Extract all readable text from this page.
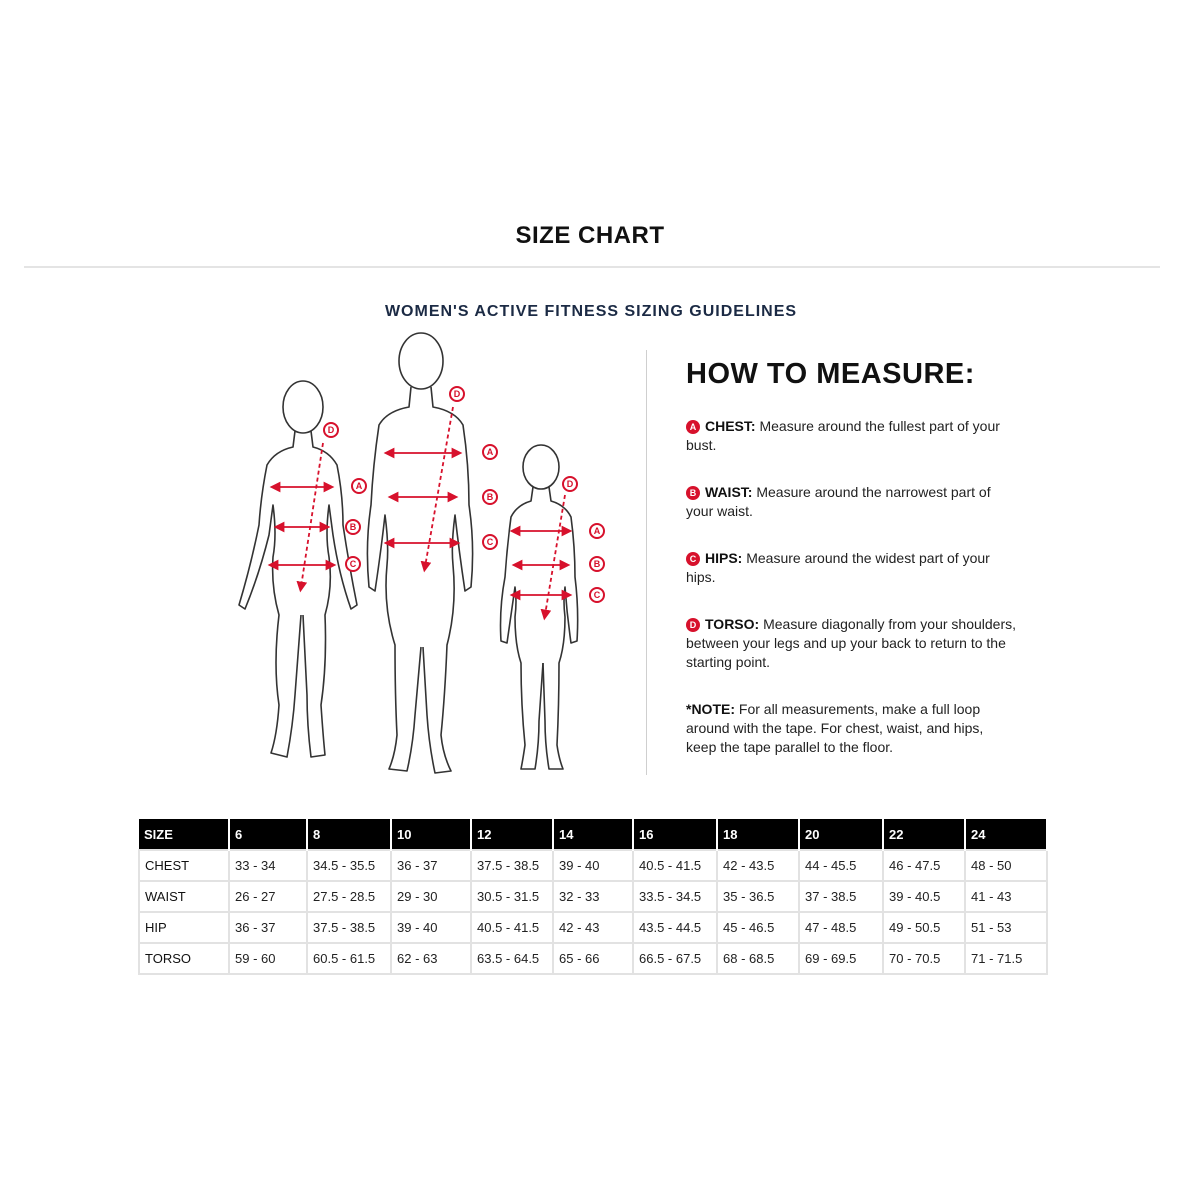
SIZE CHART
WOMEN'S ACTIVE FITNESS SIZING GUIDELINES
D
A
B
C
D
A
B
C
D
A
B
C
HOW TO MEASURE:
A CHEST: Measure around the fullest part of your bust.
B WAIST: Measure around the narrowest part of your waist.
C HIPS: Measure around the widest part of your hips.
D TORSO: Measure diagonally from your shoulders, between your legs and up your back to return to the starting point.
*NOTE: For all measurements, make a full loop around with the tape. For chest, waist, and hips, keep the tape parallel to the floor.
SIZE	6	8	10	12	14	16	18	20	22	24
CHEST	33 - 34	34.5 - 35.5	36 - 37	37.5 - 38.5	39 - 40	40.5 - 41.5	42 - 43.5	44 - 45.5	46 - 47.5	48 - 50
WAIST	26 - 27	27.5 - 28.5	29 - 30	30.5 - 31.5	32 - 33	33.5 - 34.5	35 - 36.5	37 - 38.5	39 - 40.5	41 - 43
HIP	36 - 37	37.5 - 38.5	39 - 40	40.5 - 41.5	42 - 43	43.5 - 44.5	45 - 46.5	47 - 48.5	49 - 50.5	51 - 53
TORSO	59 - 60	60.5 - 61.5	62 - 63	63.5 - 64.5	65 - 66	66.5 - 67.5	68 - 68.5	69 - 69.5	70 - 70.5	71 - 71.5
